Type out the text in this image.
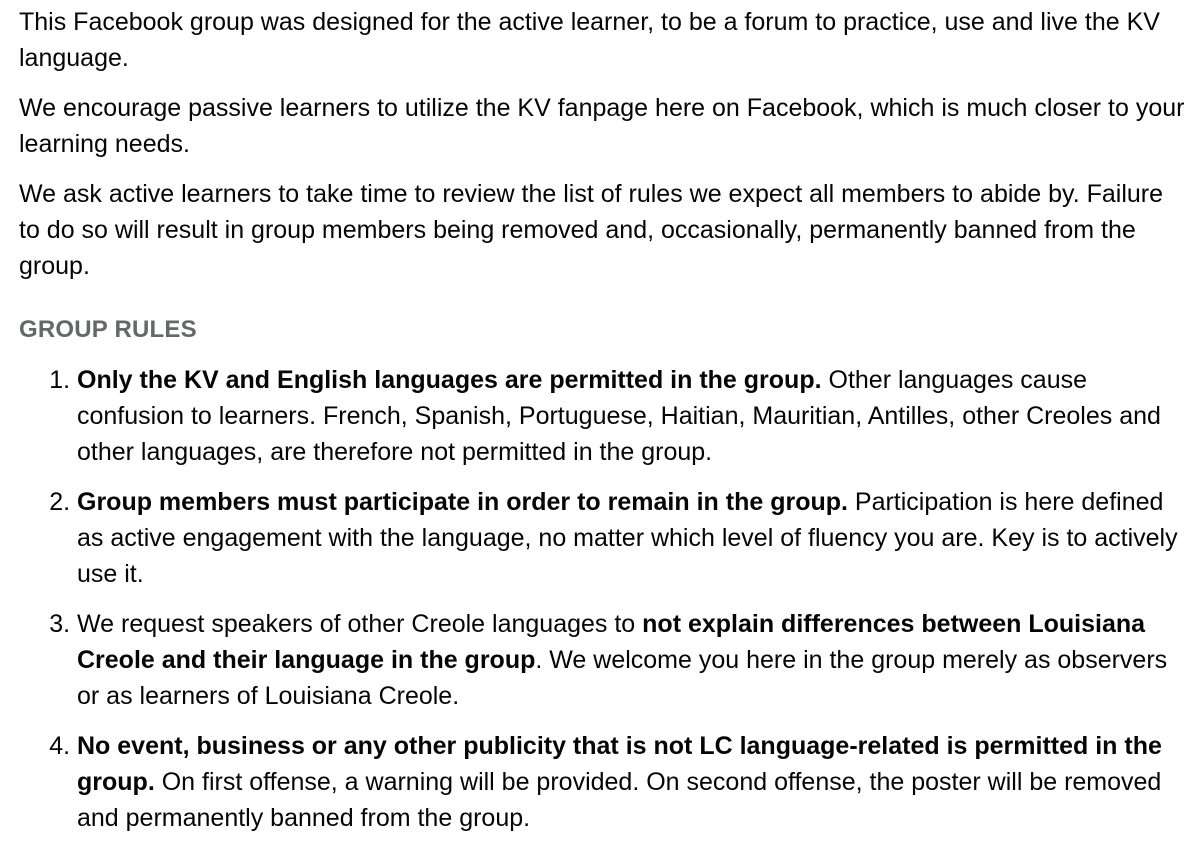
This Facebook group was designed for the active learner, to be a forum to practice, use and live the KV language.

We encourage passive learners to utilize the KV fanpage here on Facebook, which is much closer to your learning needs.

We ask active learners to take time to review the list of rules we expect all members to abide by. Failure to do so will result in group members being removed and, occasionally, permanently banned from the group.

GROUP RULES
1. Only the KV and English languages are permitted in the group. Other languages cause confusion to learners. French, Spanish, Portuguese, Haitian, Mauritian, Antilles, other Creoles and other languages, are therefore not permitted in the group.
2. Group members must participate in order to remain in the group. Participation is here defined as active engagement with the language, no matter which level of fluency you are. Key is to actively use it.
3. We request speakers of other Creole languages to not explain differences between Louisiana Creole and their language in the group. We welcome you here in the group merely as observers or as learners of Louisiana Creole.
4. No event, business or any other publicity that is not LC language-related is permitted in the group. On first offense, a warning will be provided. On second offense, the poster will be removed and permanently banned from the group.
